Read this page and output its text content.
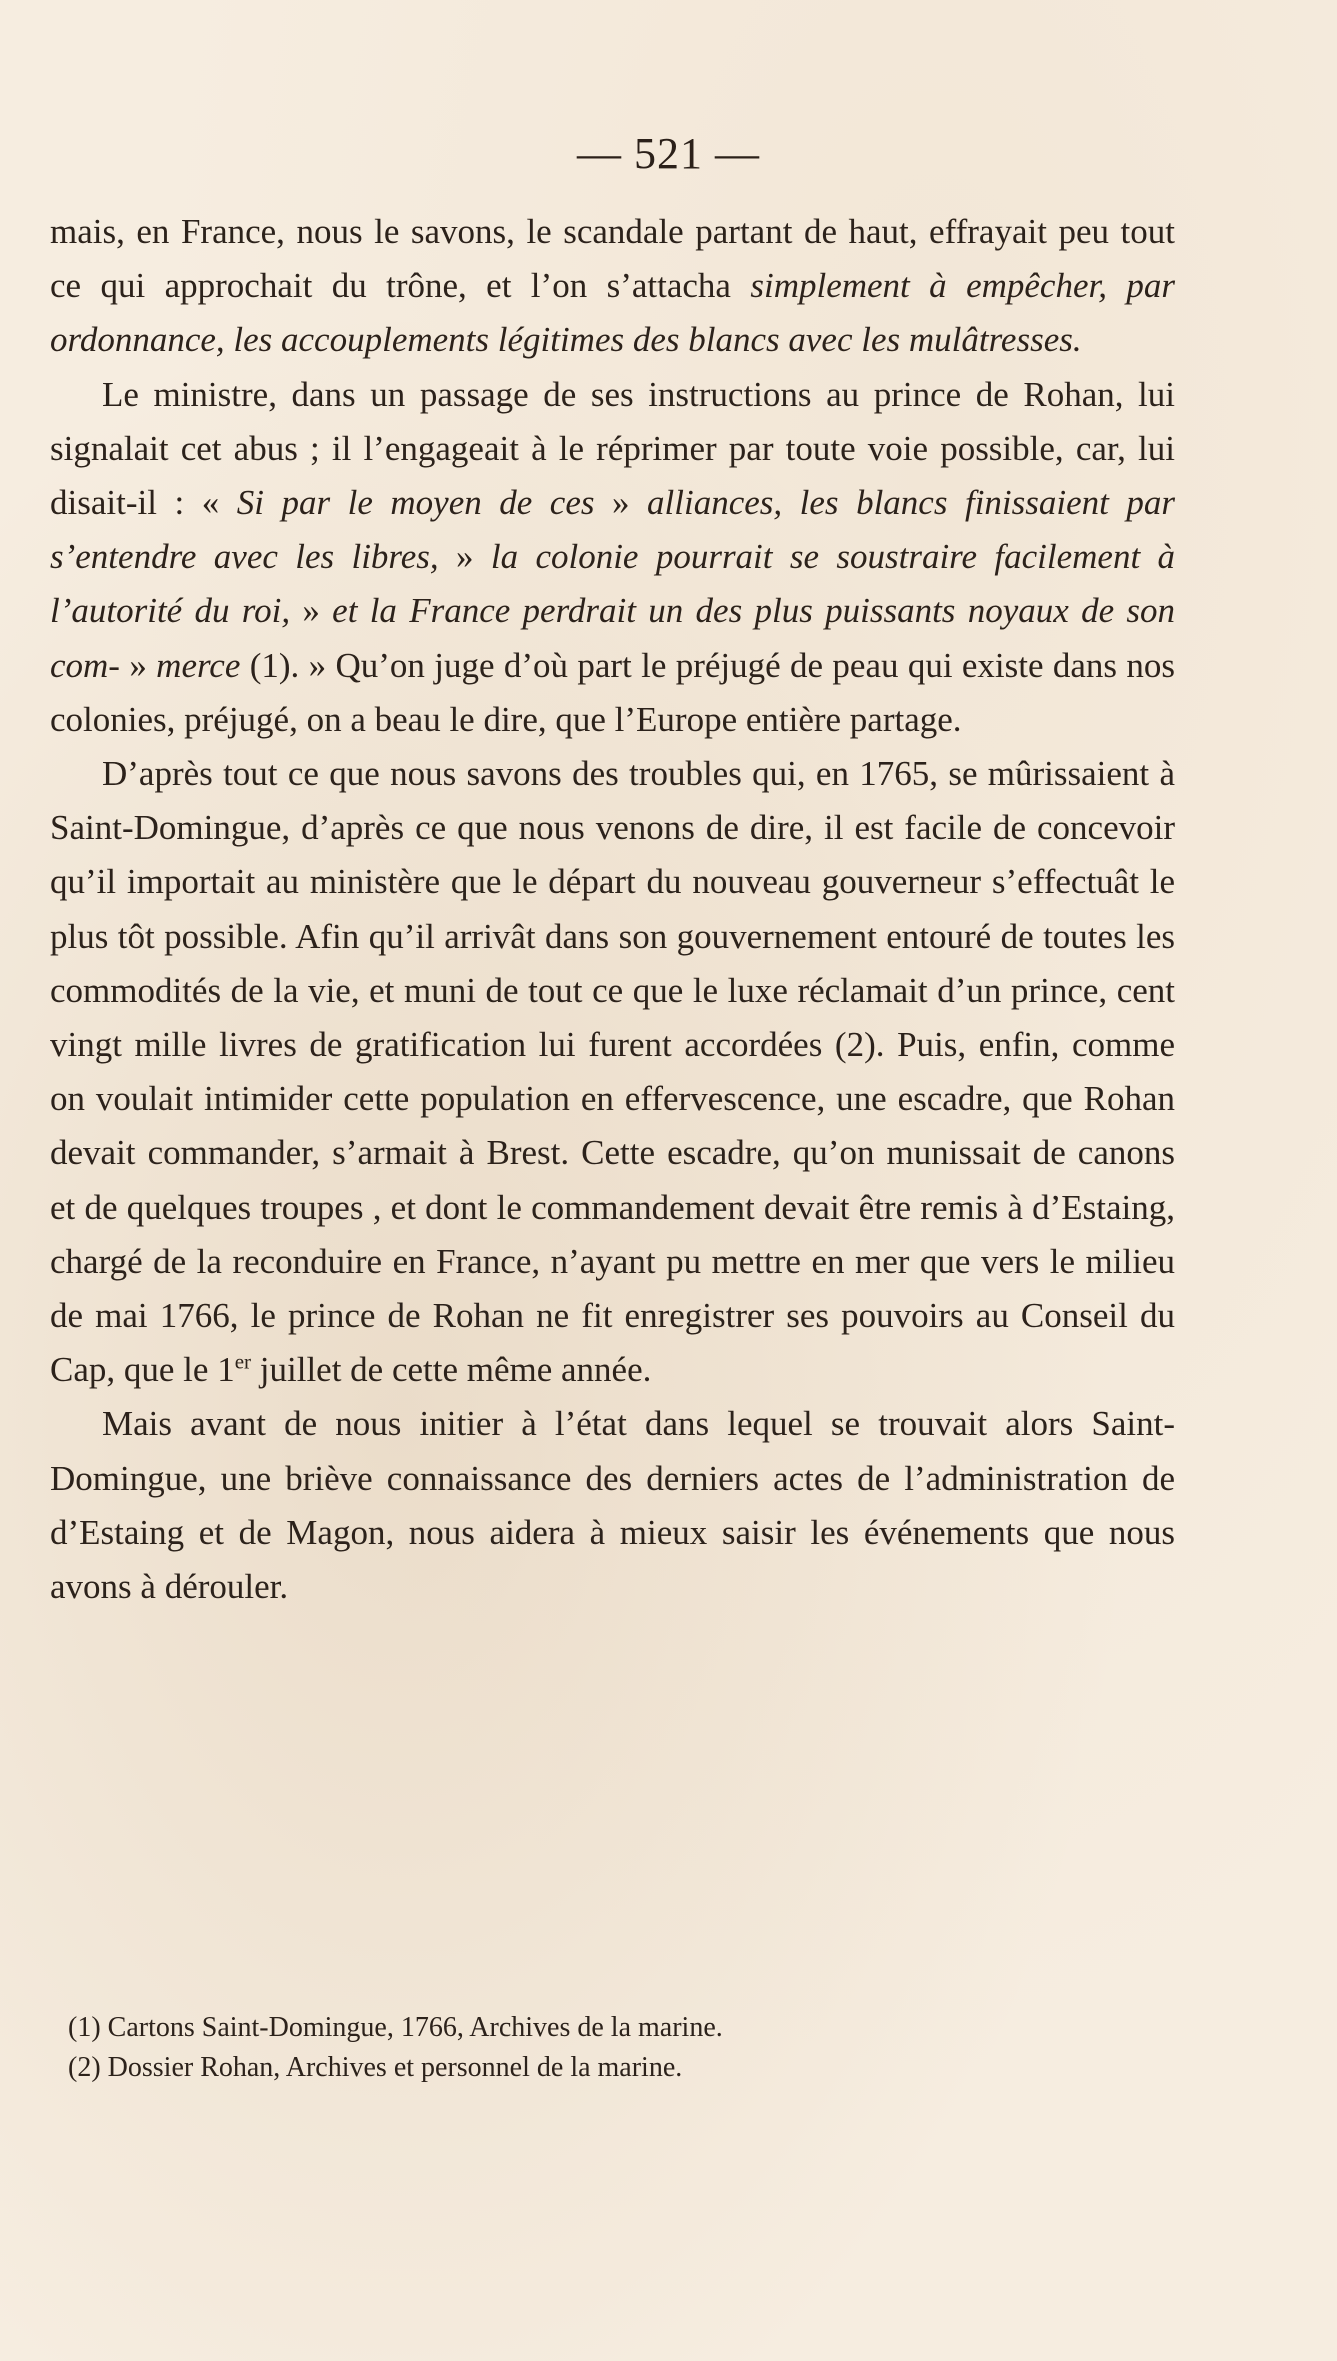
— 521 —

mais, en France, nous le savons, le scandale partant de haut, effrayait peu tout ce qui approchait du trône, et l’on s’attacha simplement à empêcher, par ordonnance, les accouplements légitimes des blancs avec les mulâtresses.

Le ministre, dans un passage de ses instructions au prince de Rohan, lui signalait cet abus ; il l’engageait à le réprimer par toute voie possible, car, lui disait-il : « Si par le moyen de ces » alliances, les blancs finissaient par s’entendre avec les libres, » la colonie pourrait se soustraire facilement à l’autorité du roi, » et la France perdrait un des plus puissants noyaux de son com- » merce (1). » Qu’on juge d’où part le préjugé de peau qui existe dans nos colonies, préjugé, on a beau le dire, que l’Europe entière partage.

D’après tout ce que nous savons des troubles qui, en 1765, se mûrissaient à Saint-Domingue, d’après ce que nous venons de dire, il est facile de concevoir qu’il importait au ministère que le départ du nouveau gouverneur s’effectuât le plus tôt possible. Afin qu’il arrivât dans son gouvernement entouré de toutes les commodités de la vie, et muni de tout ce que le luxe réclamait d’un prince, cent vingt mille livres de gratification lui furent accordées (2). Puis, enfin, comme on voulait intimider cette population en effervescence, une escadre, que Rohan devait commander, s’armait à Brest. Cette escadre, qu’on munissait de canons et de quelques troupes , et dont le commandement devait être remis à d’Estaing, chargé de la reconduire en France, n’ayant pu mettre en mer que vers le milieu de mai 1766, le prince de Rohan ne fit enregistrer ses pouvoirs au Conseil du Cap, que le 1er juillet de cette même année.

Mais avant de nous initier à l’état dans lequel se trouvait alors Saint-Domingue, une briève connaissance des derniers actes de l’administration de d’Estaing et de Magon, nous aidera à mieux saisir les événements que nous avons à dérouler.

(1) Cartons Saint-Domingue, 1766, Archives de la marine.
(2) Dossier Rohan, Archives et personnel de la marine.
